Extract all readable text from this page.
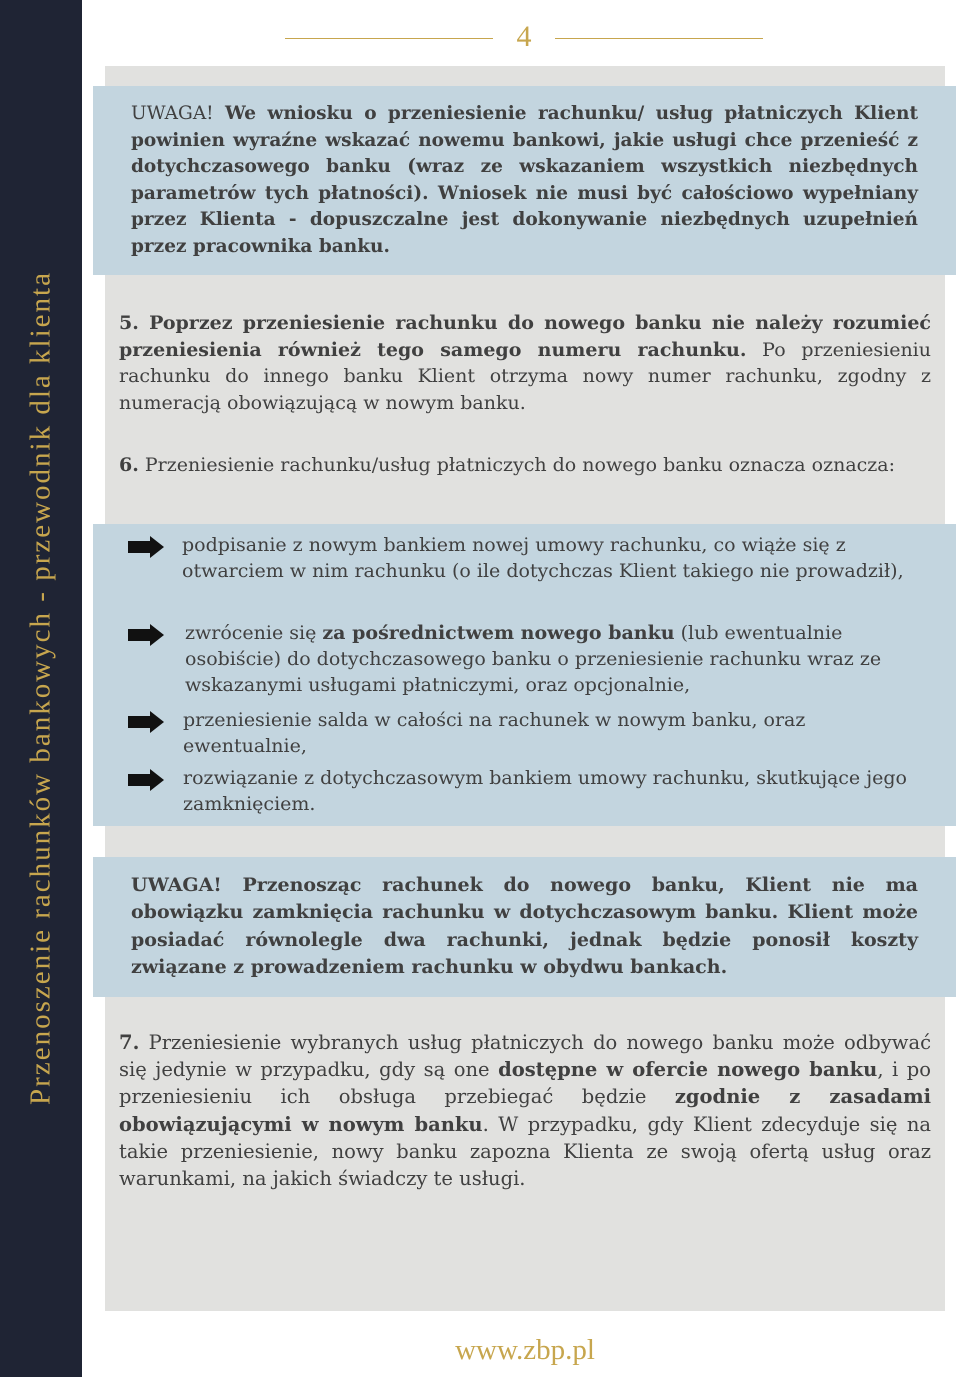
Przenoszenie rachunków bankowych - przewodnik dla klienta
4

UWAGA! We wniosku o przeniesienie rachunku/ usług płatniczych Klient powinien wyraźne wskazać nowemu bankowi, jakie usługi chce przenieść z dotychczasowego banku (wraz ze wskazaniem wszystkich niezbędnych parametrów tych płatności). Wniosek nie musi być całościowo wypełniany przez Klienta - dopuszczalne jest dokonywanie niezbędnych uzupełnień przez pracownika banku.

5. Poprzez przeniesienie rachunku do nowego banku nie należy rozumieć przeniesienia również tego samego numeru rachunku. Po przeniesieniu rachunku do innego banku Klient otrzyma nowy numer rachunku, zgodny z numeracją obowiązującą w nowym banku.

6. Przeniesienie rachunku/usług płatniczych do nowego banku oznacza oznacza:

podpisanie z nowym bankiem nowej umowy rachunku, co wiąże się z otwarciem w nim rachunku (o ile dotychczas Klient takiego nie prowadził),

zwrócenie się za pośrednictwem nowego banku (lub ewentualnie osobiście) do dotychczasowego banku o przeniesienie rachunku wraz ze wskazanymi usługami płatniczymi, oraz opcjonalnie,

przeniesienie salda w całości na rachunek w nowym banku, oraz ewentualnie,

rozwiązanie z dotychczasowym bankiem umowy rachunku, skutkujące jego zamknięciem.

UWAGA! Przenosząc rachunek do nowego banku, Klient nie ma obowiązku zamknięcia rachunku w dotychczasowym banku. Klient może posiadać równolegle dwa rachunki, jednak będzie ponosił koszty związane z prowadzeniem rachunku w obydwu bankach.

7. Przeniesienie wybranych usług płatniczych do nowego banku może odbywać się jedynie w przypadku, gdy są one dostępne w ofercie nowego banku, i po przeniesieniu ich obsługa przebiegać będzie zgodnie z zasadami obowiązującymi w nowym banku. W przypadku, gdy Klient zdecyduje się na takie przeniesienie, nowy banku zapozna Klienta ze swoją ofertą usług oraz warunkami, na jakich świadczy te usługi.

www.zbp.pl
